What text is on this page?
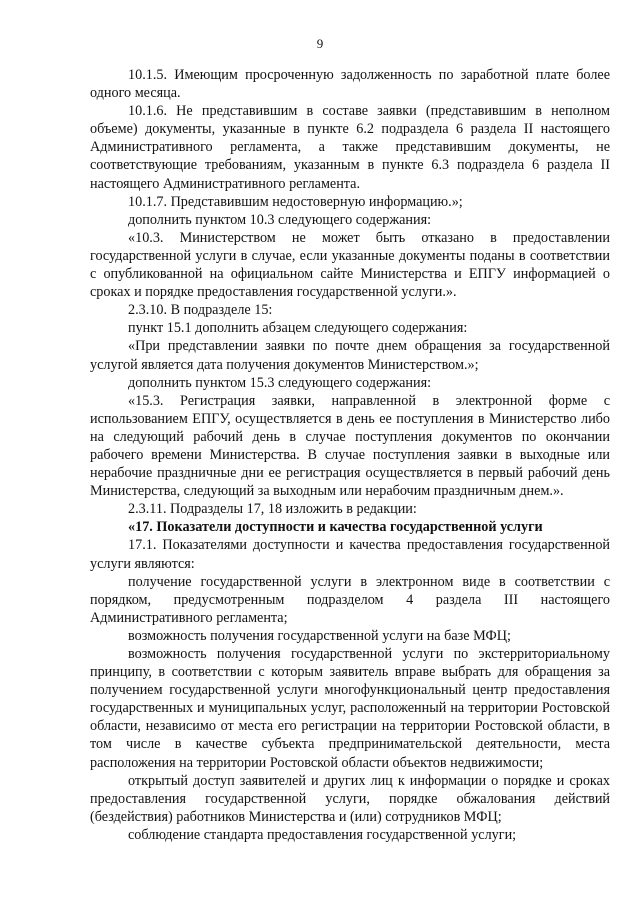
9

10.1.5. Имеющим просроченную задолженность по заработной плате более одного месяца.

10.1.6. Не представившим в составе заявки (представившим в неполном объеме) документы, указанные в пункте 6.2 подраздела 6 раздела II настоящего Административного регламента, а также представившим документы, не соответствующие требованиям, указанным в пункте 6.3 подраздела 6 раздела II настоящего Административного регламента.

10.1.7. Представившим недостоверную информацию.»;

дополнить пунктом 10.3 следующего содержания:

«10.3. Министерством не может быть отказано в предоставлении государственной услуги в случае, если указанные документы поданы в соответствии с опубликованной на официальном сайте Министерства и ЕПГУ информацией о сроках и порядке предоставления государственной услуги.».

2.3.10. В подразделе 15:

пункт 15.1 дополнить абзацем следующего содержания:

«При представлении заявки по почте днем обращения за государственной услугой является дата получения документов Министерством.»;

дополнить пунктом 15.3 следующего содержания:

«15.3. Регистрация заявки, направленной в электронной форме с использованием ЕПГУ, осуществляется в день ее поступления в Министерство либо на следующий рабочий день в случае поступления документов по окончании рабочего времени Министерства. В случае поступления заявки в выходные или нерабочие праздничные дни ее регистрация осуществляется в первый рабочий день Министерства, следующий за выходным или нерабочим праздничным днем.».

2.3.11. Подразделы 17, 18 изложить в редакции:

«17. Показатели доступности и качества государственной услуги

17.1. Показателями доступности и качества предоставления государственной услуги являются:

получение государственной услуги в электронном виде в соответствии с порядком, предусмотренным подразделом 4 раздела III настоящего Административного регламента;

возможность получения государственной услуги на базе МФЦ;

возможность получения государственной услуги по экстерриториальному принципу, в соответствии с которым заявитель вправе выбрать для обращения за получением государственной услуги многофункциональный центр предоставления государственных и муниципальных услуг, расположенный на территории Ростовской области, независимо от места его регистрации на территории Ростовской области, в том числе в качестве субъекта предпринимательской деятельности, места расположения на территории Ростовской области объектов недвижимости;

открытый доступ заявителей и других лиц к информации о порядке и сроках предоставления государственной услуги, порядке обжалования действий (бездействия) работников Министерства и (или) сотрудников МФЦ;

соблюдение стандарта предоставления государственной услуги;
